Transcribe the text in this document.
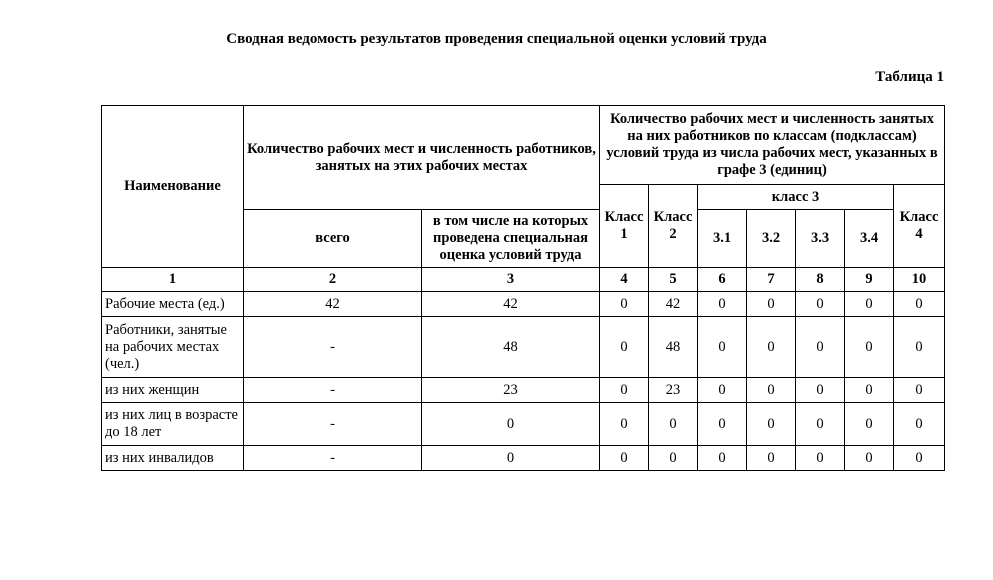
Сводная ведомость результатов проведения специальной оценки условий труда
Таблица 1
Наименование	Количество рабочих мест и численность работников, занятых на этих рабочих местах		Количество рабочих мест и численность занятых на них работников по классам (подклассам) условий труда из числа рабочих мест, указанных в графе 3 (единиц)						
			Класс 1	Класс 2	класс 3				Класс 4
	всего	в том числе на которых проведена специальная оценка условий труда			3.1	3.2	3.3	3.4	
1	2	3	4	5	6	7	8	9	10
Рабочие места (ед.)	42	42	0	42	0	0	0	0	0
Работники, занятые на рабочих местах (чел.)	-	48	0	48	0	0	0	0	0
из них женщин	-	23	0	23	0	0	0	0	0
из них лиц в возрасте до 18 лет	-	0	0	0	0	0	0	0	0
из них инвалидов	-	0	0	0	0	0	0	0	0
